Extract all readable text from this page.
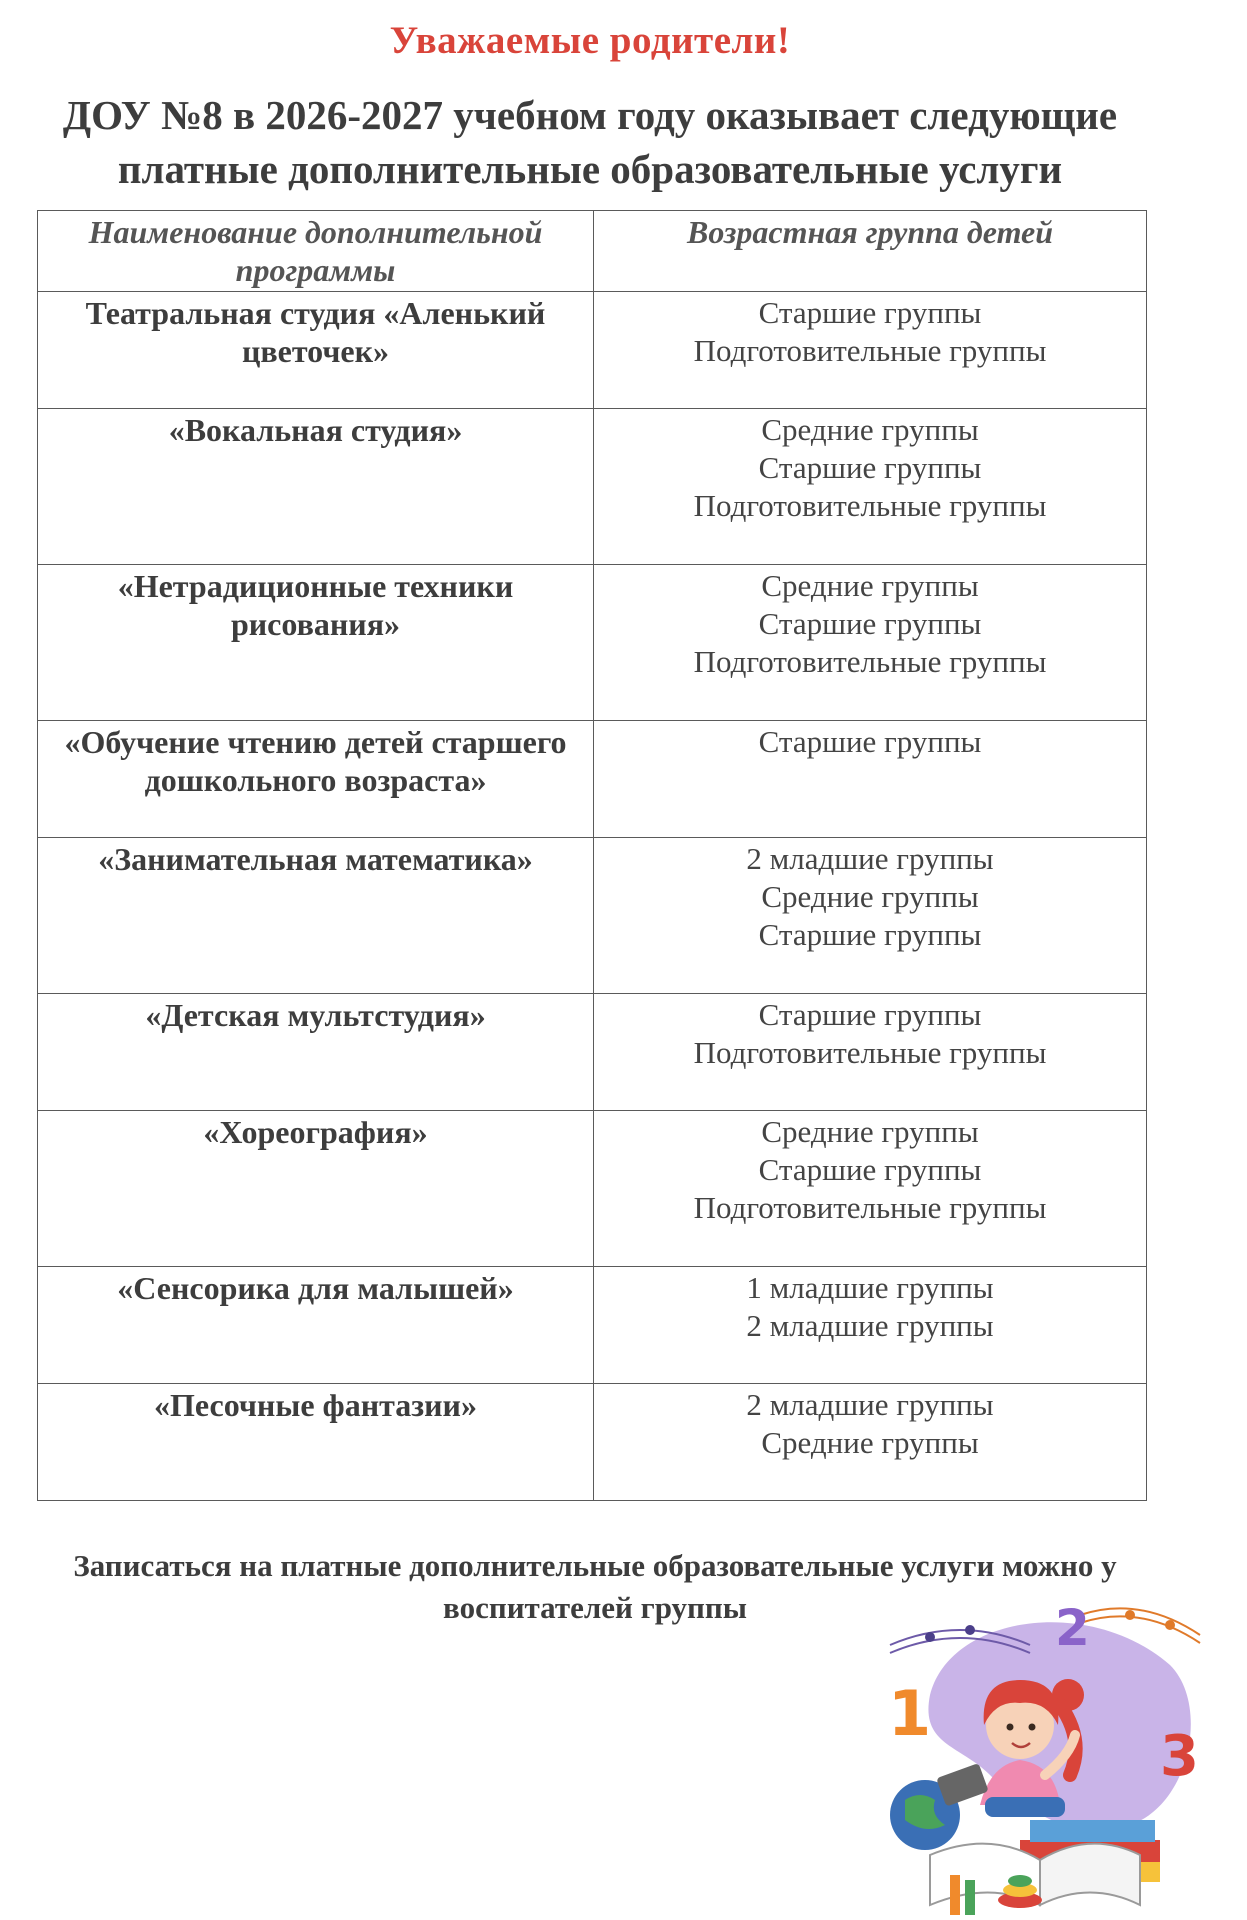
Уважаемые родители!
ДОУ №8 в 2026-2027 учебном году оказывает следующие платные дополнительные образовательные услуги
Наименование дополнительной программы	Возрастная группа детей
Театральная студия «Аленький цветочек»	Старшие группы
Подготовительные группы

«Вокальная студия»	Средние группы
Старшие группы
Подготовительные группы

«Нетрадиционные техники рисования»	Средние группы
Старшие группы
Подготовительные группы

«Обучение чтению детей старшего дошкольного возраста»	Старшие группы

«Занимательная математика»	2 младшие группы
Средние группы
Старшие группы

«Детская мультстудия»	Старшие группы
Подготовительные группы

«Хореография»	Средние группы
Старшие группы
Подготовительные группы

«Сенсорика для малышей»	1 младшие группы
2 младшие группы

«Песочные фантазии»	2 младшие группы
Средние группы
Записаться на платные дополнительные образовательные услуги можно у воспитателей группы
1
2
3
